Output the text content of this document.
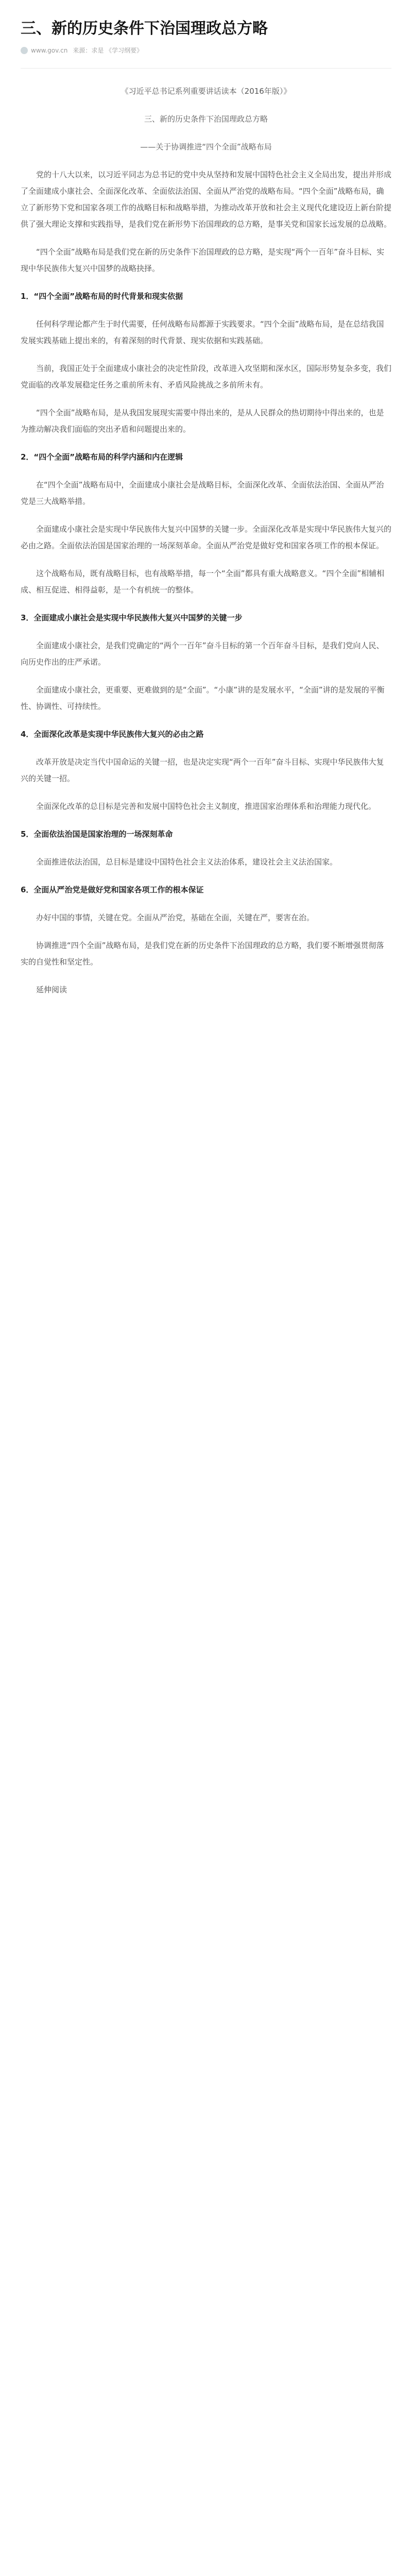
三、新的历史条件下治国理政总方略
www.gov.cn 来源：求是 《学习纲要》

《习近平总书记系列重要讲话读本（2016年版）》

三、新的历史条件下治国理政总方略

——关于协调推进“四个全面”战略布局

党的十八大以来，以习近平同志为总书记的党中央从坚持和发展中国特色社会主义全局出发，提出并形成了全面建成小康社会、全面深化改革、全面依法治国、全面从严治党的战略布局。“四个全面”战略布局，确立了新形势下党和国家各项工作的战略目标和战略举措，为推动改革开放和社会主义现代化建设迈上新台阶提供了强大理论支撑和实践指导，是我们党在新形势下治国理政的总方略，是事关党和国家长远发展的总战略。

“四个全面”战略布局是我们党在新的历史条件下治国理政的总方略，是实现“两个一百年”奋斗目标、实现中华民族伟大复兴中国梦的战略抉择。

1．“四个全面”战略布局的时代背景和现实依据

任何科学理论都产生于时代需要，任何战略布局都源于实践要求。“四个全面”战略布局，是在总结我国发展实践基础上提出来的，有着深刻的时代背景、现实依据和实践基础。

当前，我国正处于全面建成小康社会的决定性阶段，改革进入攻坚期和深水区，国际形势复杂多变，我们党面临的改革发展稳定任务之重前所未有、矛盾风险挑战之多前所未有。

“四个全面”战略布局，是从我国发展现实需要中得出来的，是从人民群众的热切期待中得出来的，也是为推动解决我们面临的突出矛盾和问题提出来的。

2．“四个全面”战略布局的科学内涵和内在逻辑

在“四个全面”战略布局中，全面建成小康社会是战略目标，全面深化改革、全面依法治国、全面从严治党是三大战略举措。

全面建成小康社会是实现中华民族伟大复兴中国梦的关键一步。全面深化改革是实现中华民族伟大复兴的必由之路。全面依法治国是国家治理的一场深刻革命。全面从严治党是做好党和国家各项工作的根本保证。

这个战略布局，既有战略目标，也有战略举措，每一个“全面”都具有重大战略意义。“四个全面”相辅相成、相互促进、相得益彰，是一个有机统一的整体。

3．全面建成小康社会是实现中华民族伟大复兴中国梦的关键一步

全面建成小康社会，是我们党确定的“两个一百年”奋斗目标的第一个百年奋斗目标，是我们党向人民、向历史作出的庄严承诺。

全面建成小康社会，更重要、更难做到的是“全面”。“小康”讲的是发展水平，“全面”讲的是发展的平衡性、协调性、可持续性。

4．全面深化改革是实现中华民族伟大复兴的必由之路

改革开放是决定当代中国命运的关键一招，也是决定实现“两个一百年”奋斗目标、实现中华民族伟大复兴的关键一招。

全面深化改革的总目标是完善和发展中国特色社会主义制度，推进国家治理体系和治理能力现代化。

5．全面依法治国是国家治理的一场深刻革命

全面推进依法治国，总目标是建设中国特色社会主义法治体系，建设社会主义法治国家。

6．全面从严治党是做好党和国家各项工作的根本保证

办好中国的事情，关键在党。全面从严治党，基础在全面，关键在严，要害在治。

协调推进“四个全面”战略布局，是我们党在新的历史条件下治国理政的总方略，我们要不断增强贯彻落实的自觉性和坚定性。

延伸阅读
